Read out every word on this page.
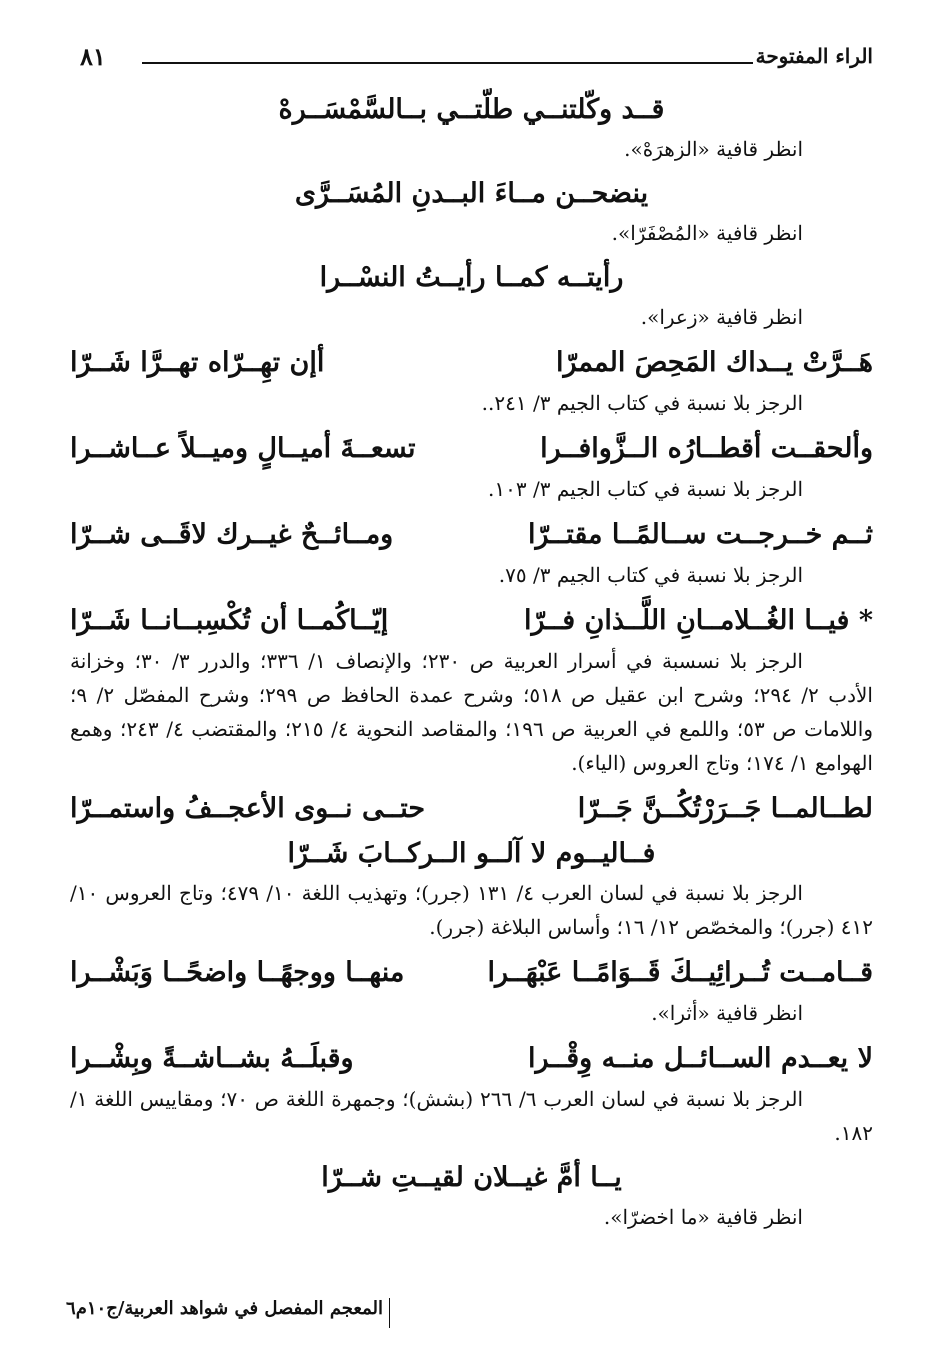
الراء المفتوحة
٨١

قــد وكّلتنــي طلّتــي بــالسَّمْسَــرهْ

انظر قافية «الزهرَهْ».

ينضحــن مــاءَ البــدنِ المُسَــرَّى

انظر قافية «المُصْفَرّا».

رأيتــه كمــا رأيــتُ النسْــرا

انظر قافية «زعرا».

هَــرَّتْ يــداك المَحِصَ الممرّا
أإن تهِــرّاه تهــرَّا شَــرّا

الرجز بلا نسبة في كتاب الجيم ٣/ ٢٤١..

وألحقــت أقطــارُه الــزَّوافــرا
تسعــةَ أميــالٍ وميــلاً عــاشــرا

الرجز بلا نسبة في كتاب الجيم ٣/ ١٠٣.

ثــم خــرجــت ســالمًــا مقتــرّا
ومــائــحٌ غيــرك لاقَــى شــرّا

الرجز بلا نسبة في كتاب الجيم ٣/ ٧٥.

* فيــا الغُــلامــانِ اللَّــذانِ فــرّا
إيّــاكُمــا أن تُكْسِبــانــا شَــرّا
الرجز بلا نسسبة في أسرار العربية ص ٢٣٠؛ والإنصاف ١/ ٣٣٦؛ والدرر ٣/ ٣٠؛ وخزانة الأدب ٢/ ٢٩٤؛ وشرح ابن عقيل ص ٥١٨؛ وشرح عمدة الحافظ ص ٢٩٩؛ وشرح المفصّل ٢/ ٩؛ واللامات ص ٥٣؛ واللمع في العربية ص ١٩٦؛ والمقاصد النحوية ٤/ ٢١٥؛ والمقتضب ٤/ ٢٤٣؛ وهمع الهوامع ١/ ١٧٤؛ وتاج العروس (الياء).
لطــالمــا جَــرَرْتُكُــنَّ جَــرّا
حتــى نــوى الأعجــفُ واستمــرّا

فــاليــوم لا آلــو الــركــابَ شَــرّا

الرجز بلا نسبة في لسان العرب ٤/ ١٣١ (جرر)؛ وتهذيب اللغة ١٠/ ٤٧٩؛ وتاج العروس ١٠/ ٤١٢ (جرر)؛ والمخصّص ١٢/ ١٦؛ وأساس البلاغة (جرر).
قــامــت تُــرائِيــكَ قَــوَامًــا عَبْهَــرا
منهــا ووجهًــا واضحًــا وَبَشْــرا

انظر قافية «أثرا».

لا يعــدم الســائــل منــه وِقْــرا
وقبلَــهُ بشــاشــةً وبِشْــرا
الرجز بلا نسبة في لسان العرب ٦/ ٢٦٦ (بشش)؛ وجمهرة اللغة ص ٧٠؛ ومقاييس اللغة ١/ ١٨٢.

يــا أمَّ غيــلان لقيــتِ شــرّا

انظر قافية «ما اخضرّا».

المعجم المفصل في شواهد العربية/ج١٠م٦
